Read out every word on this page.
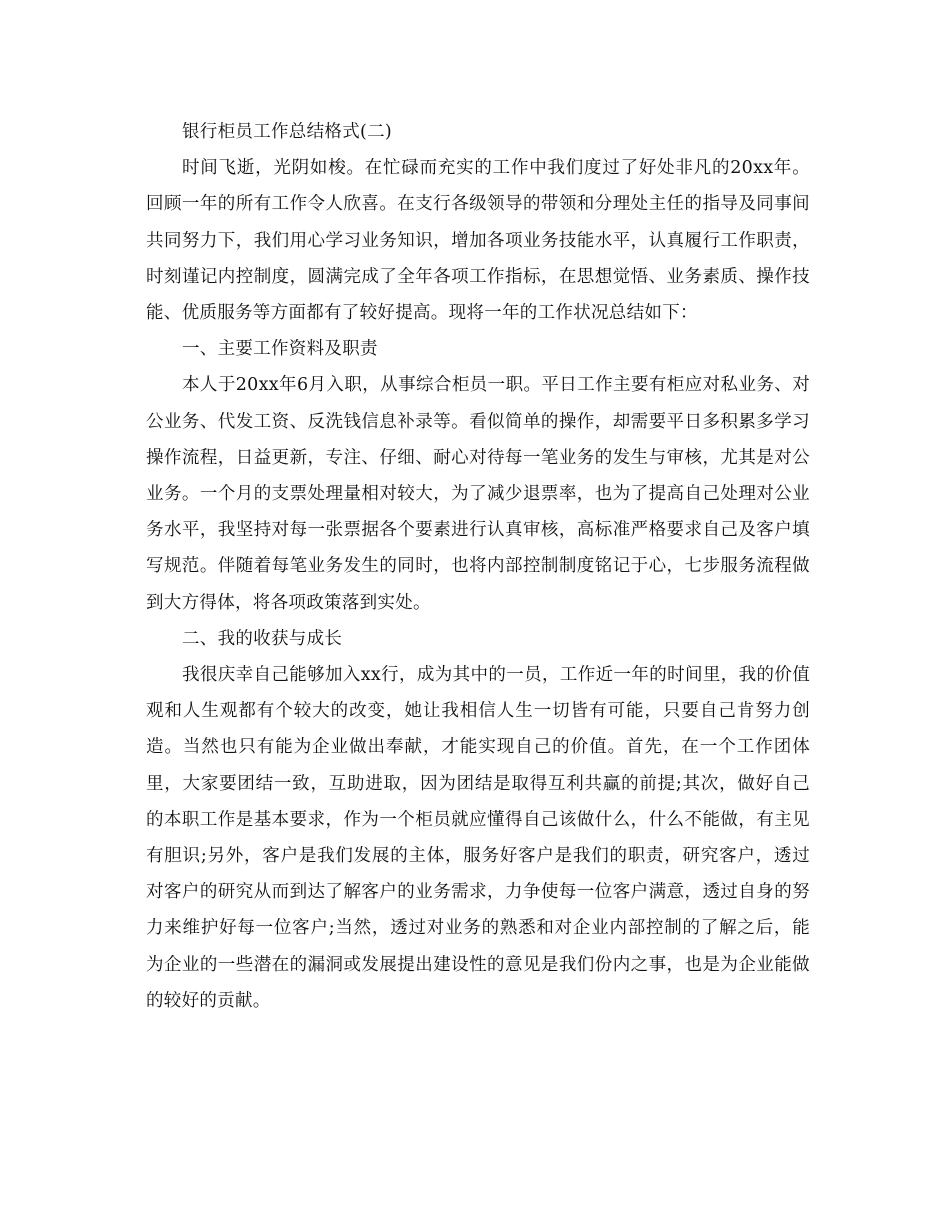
银行柜员工作总结格式(二)

时间飞逝，光阴如梭。在忙碌而充实的工作中我们度过了好处非凡的20xx年。回顾一年的所有工作令人欣喜。在支行各级领导的带领和分理处主任的指导及同事间共同努力下，我们用心学习业务知识，增加各项业务技能水平，认真履行工作职责，时刻谨记内控制度，圆满完成了全年各项工作指标，在思想觉悟、业务素质、操作技能、优质服务等方面都有了较好提高。现将一年的工作状况总结如下：

一、主要工作资料及职责

本人于20xx年6月入职，从事综合柜员一职。平日工作主要有柜应对私业务、对公业务、代发工资、反洗钱信息补录等。看似简单的操作，却需要平日多积累多学习操作流程，日益更新，专注、仔细、耐心对待每一笔业务的发生与审核，尤其是对公业务。一个月的支票处理量相对较大，为了减少退票率，也为了提高自己处理对公业务水平，我坚持对每一张票据各个要素进行认真审核，高标准严格要求自己及客户填写规范。伴随着每笔业务发生的同时，也将内部控制制度铭记于心，七步服务流程做到大方得体，将各项政策落到实处。

二、我的收获与成长

我很庆幸自己能够加入xx行，成为其中的一员，工作近一年的时间里，我的价值观和人生观都有个较大的改变，她让我相信人生一切皆有可能，只要自己肯努力创造。当然也只有能为企业做出奉献，才能实现自己的价值。首先，在一个工作团体里，大家要团结一致，互助进取，因为团结是取得互利共赢的前提;其次，做好自己的本职工作是基本要求，作为一个柜员就应懂得自己该做什么，什么不能做，有主见有胆识;另外，客户是我们发展的主体，服务好客户是我们的职责，研究客户，透过对客户的研究从而到达了解客户的业务需求，力争使每一位客户满意，透过自身的努力来维护好每一位客户;当然，透过对业务的熟悉和对企业内部控制的了解之后，能为企业的一些潜在的漏洞或发展提出建设性的意见是我们份内之事，也是为企业能做的较好的贡献。
